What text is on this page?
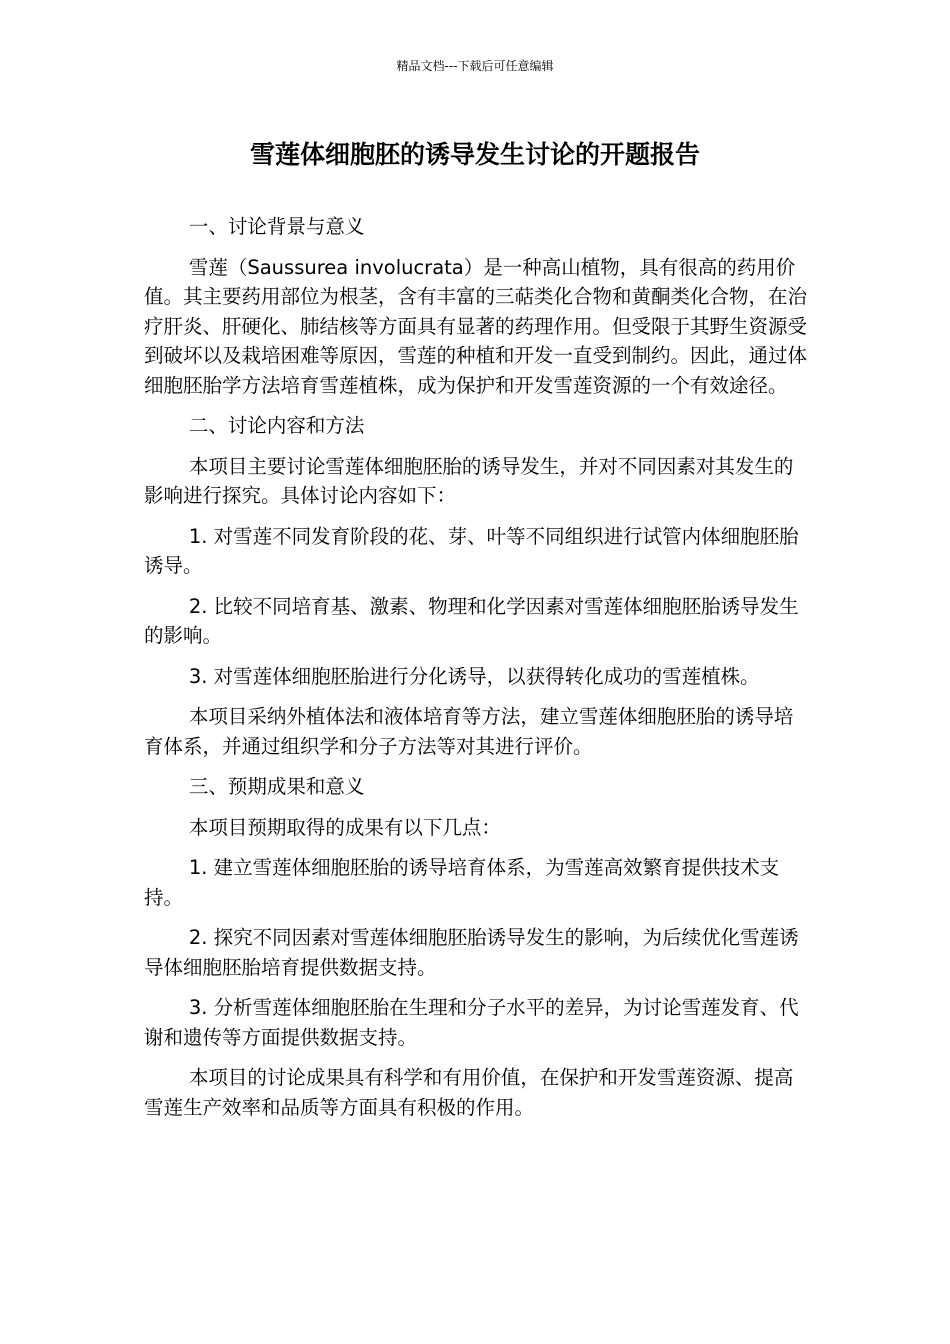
精品文档---下载后可任意编辑
雪莲体细胞胚的诱导发生讨论的开题报告

一、讨论背景与意义

雪莲（Saussurea involucrata）是一种高山植物，具有很高的药用价值。其主要药用部位为根茎，含有丰富的三萜类化合物和黄酮类化合物，在治疗肝炎、肝硬化、肺结核等方面具有显著的药理作用。但受限于其野生资源受到破坏以及栽培困难等原因，雪莲的种植和开发一直受到制约。因此，通过体细胞胚胎学方法培育雪莲植株，成为保护和开发雪莲资源的一个有效途径。

二、讨论内容和方法

本项目主要讨论雪莲体细胞胚胎的诱导发生，并对不同因素对其发生的影响进行探究。具体讨论内容如下：

1. 对雪莲不同发育阶段的花、芽、叶等不同组织进行试管内体细胞胚胎诱导。

2. 比较不同培育基、激素、物理和化学因素对雪莲体细胞胚胎诱导发生的影响。

3. 对雪莲体细胞胚胎进行分化诱导，以获得转化成功的雪莲植株。

本项目采纳外植体法和液体培育等方法，建立雪莲体细胞胚胎的诱导培育体系，并通过组织学和分子方法等对其进行评价。

三、预期成果和意义

本项目预期取得的成果有以下几点：

1. 建立雪莲体细胞胚胎的诱导培育体系，为雪莲高效繁育提供技术支持。

2. 探究不同因素对雪莲体细胞胚胎诱导发生的影响，为后续优化雪莲诱导体细胞胚胎培育提供数据支持。

3. 分析雪莲体细胞胚胎在生理和分子水平的差异，为讨论雪莲发育、代谢和遗传等方面提供数据支持。

本项目的讨论成果具有科学和有用价值，在保护和开发雪莲资源、提高雪莲生产效率和品质等方面具有积极的作用。
